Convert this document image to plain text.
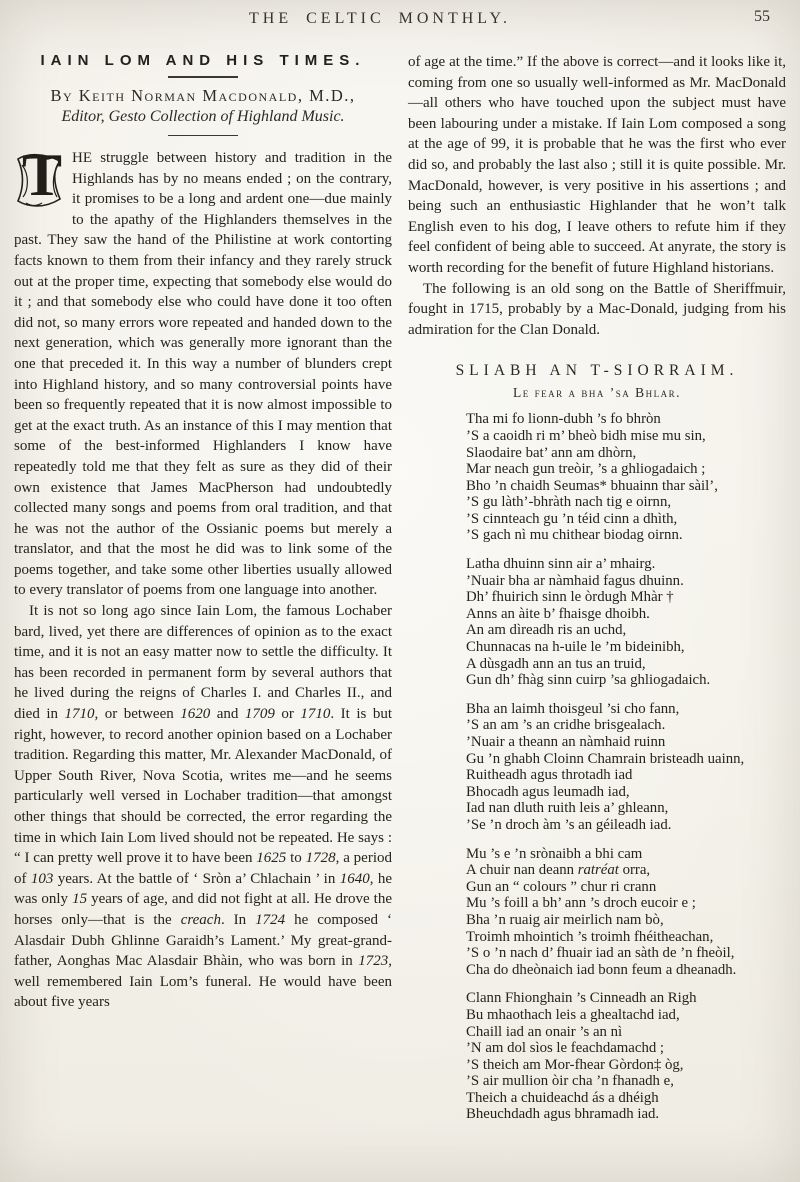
THE CELTIC MONTHLY.	55
IAIN LOM AND HIS TIMES.
By Keith Norman Macdonald, M.D.,
Editor, Gesto Collection of Highland Music.

T HE struggle between history and tradition in the Highlands has by no means ended ; on the contrary, it promises to be a long and ardent one—due mainly to the apathy of the Highlanders themselves in the past. They saw the hand of the Philistine at work contorting facts known to them from their infancy and they rarely struck out at the proper time, expecting that somebody else would do it ; and that somebody else who could have done it too often did not, so many errors wore repeated and handed down to the next generation, which was generally more ignorant than the one that preceded it. In this way a number of blunders crept into Highland history, and so many controversial points have been so frequently repeated that it is now almost impossible to get at the exact truth. As an instance of this I may mention that some of the best-informed Highlanders I know have repeatedly told me that they felt as sure as they did of their own existence that James MacPherson had undoubtedly collected many songs and poems from oral tradition, and that he was not the author of the Ossianic poems but merely a translator, and that the most he did was to link some of the poems together, and take some other liberties usually allowed to every translator of poems from one language into another.

It is not so long ago since Iain Lom, the famous Lochaber bard, lived, yet there are differences of opinion as to the exact time, and it is not an easy matter now to settle the difficulty. It has been recorded in permanent form by several authors that he lived during the reigns of Charles I. and Charles II., and died in 1710, or between 1620 and 1709 or 1710. It is but right, however, to record another opinion based on a Lochaber tradition. Regarding this matter, Mr. Alexander MacDonald, of Upper South River, Nova Scotia, writes me—and he seems particularly well versed in Lochaber tradition—that amongst other things that should be corrected, the error regarding the time in which Iain Lom lived should not be repeated. He says : “ I can pretty well prove it to have been 1625 to 1728, a period of 103 years. At the battle of ‘ Sròn a’ Chlachain ’ in 1640, he was only 15 years of age, and did not fight at all. He drove the horses only—that is the creach. In 1724 he composed ‘ Alasdair Dubh Ghlinne Garaidh’s Lament.’ My great-grand-father, Aonghas Mac Alasdair Bhàin, who was born in 1723, well remembered Iain Lom’s funeral. He would have been about five years

of age at the time.” If the above is correct—and it looks like it, coming from one so usually well-informed as Mr. MacDonald—all others who have touched upon the subject must have been labouring under a mistake. If Iain Lom composed a song at the age of 99, it is probable that he was the first who ever did so, and probably the last also ; still it is quite possible. Mr. MacDonald, however, is very positive in his assertions ; and being such an enthusiastic Highlander that he won’t talk English even to his dog, I leave others to refute him if they feel confident of being able to succeed. At anyrate, the story is worth recording for the benefit of future Highland historians.

The following is an old song on the Battle of Sheriffmuir, fought in 1715, probably by a Mac-Donald, judging from his admiration for the Clan Donald.

SLIABH AN T-SIORRAIM.
Le fear a bha ’sa Bhlar.
Tha mi fo lionn-dubh ’s fo bhròn
’S a caoidh ri m’ bheò bidh mise mu sin,
Slaodaire bat’ ann am dhòrn,
Mar neach gun treòir, ’s a ghliogadaich ;
Bho ’n chaidh Seumas* bhuainn thar sàil’,
’S gu làth’-bhràth nach tig e oirnn,
’S cinnteach gu ’n téid cinn a dhìth,
’S gach nì mu chithear biodag oirnn.
Latha dhuinn sinn air a’ mhairg.
’Nuair bha ar nàmhaid fagus dhuinn.
Dh’ fhuirich sinn le òrdugh Mhàr †
Anns an àite b’ fhaisge dhoibh.
An am dìreadh ris an uchd,
Chunnacas na h-uile le ’m bideinibh,
A dùsgadh ann an tus an truid,
Gun dh’ fhàg sinn cuirp ’sa ghliogadaich.
Bha an laimh thoisgeul ’si cho fann,
’S an am ’s an cridhe brisgealach.
’Nuair a theann an nàmhaid ruinn
Gu ’n ghabh Cloinn Chamrain bristeadh uainn,
Ruitheadh agus throtadh iad
Bhocadh agus leumadh iad,
Iad nan dluth ruith leis a’ ghleann,
’Se ’n droch àm ’s an géileadh iad.
Mu ’s e ’n srònaibh a bhi cam
A chuir nan deann ratréat orra,
Gun an “ colours ” chur ri crann
Mu ’s foill a bh’ ann ’s droch eucoir e ;
Bha ’n ruaig air meirlich nam bò,
Troimh mhointich ’s troimh fhéitheachan,
’S o ’n nach d’ fhuair iad an sàth de ’n fheòil,
Cha do dheònaich iad bonn feum a dheanadh.
Clann Fhionghain ’s Cinneadh an Righ
Bu mhaothach leis a ghealtachd iad,
Chaill iad an onair ’s an nì
’N am dol sìos le feachdamachd ;
’S theich am Mor-fhear Gòrdon‡ òg,
’S air mullion òir cha ’n fhanadh e,
Theich a chuideachd ás a dhéigh
Bheuchdadh agus bhramadh iad.
